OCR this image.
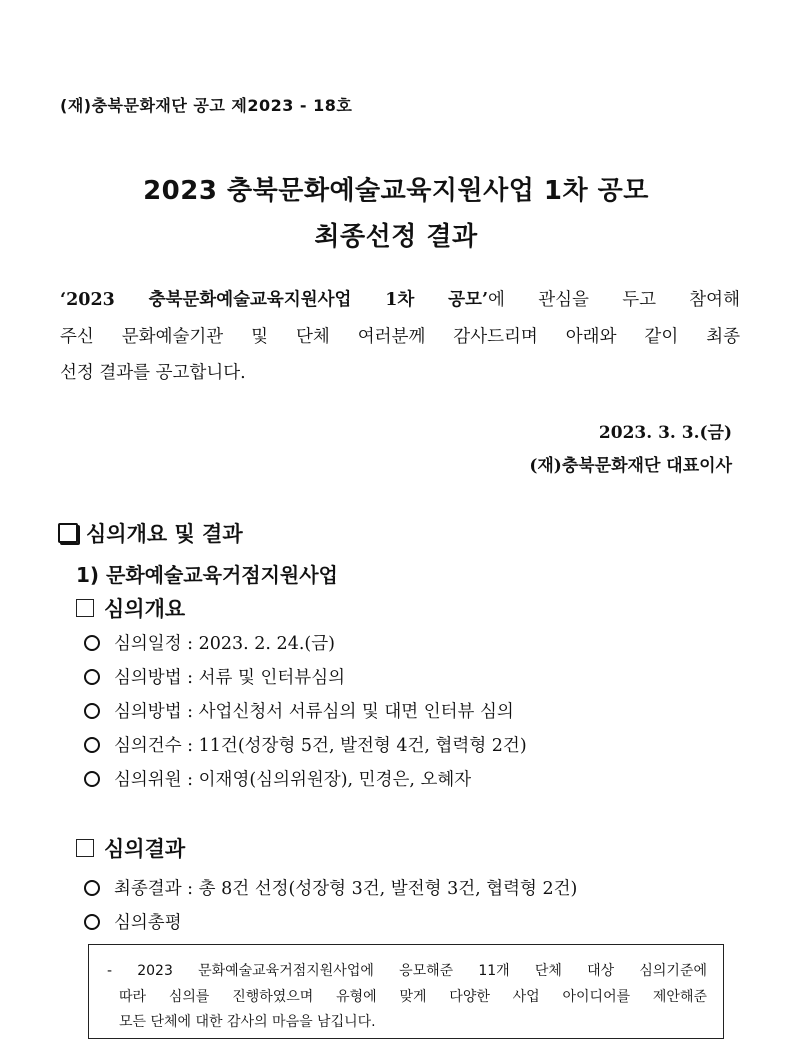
(재)충북문화재단 공고 제2023 - 18호
2023 충북문화예술교육지원사업 1차 공모
최종선정 결과
‘2023 충북문화예술교육지원사업 1차 공모’에 관심을 두고 참여해
주신 문화예술기관 및 단체 여러분께 감사드리며 아래와 같이 최종
선정 결과를 공고합니다.
2023. 3. 3.(금)
(재)충북문화재단 대표이사
심의개요 및 결과
1) 문화예술교육거점지원사업
심의개요
심의일정 : 2023. 2. 24.(금)
심의방법 : 서류 및 인터뷰심의
심의방법 : 사업신청서 서류심의 및 대면 인터뷰 심의
심의건수 : 11건(성장형 5건, 발전형 4건, 협력형 2건)
심의위원 : 이재영(심의위원장), 민경은, 오혜자
심의결과
최종결과 : 총 8건 선정(성장형 3건, 발전형 3건, 협력형 2건)
심의총평
- 2023 문화예술교육거점지원사업에 응모해준 11개 단체 대상 심의기준에
따라 심의를 진행하였으며 유형에 맞게 다양한 사업 아이디어를 제안해준
모든 단체에 대한 감사의 마음을 남깁니다.
